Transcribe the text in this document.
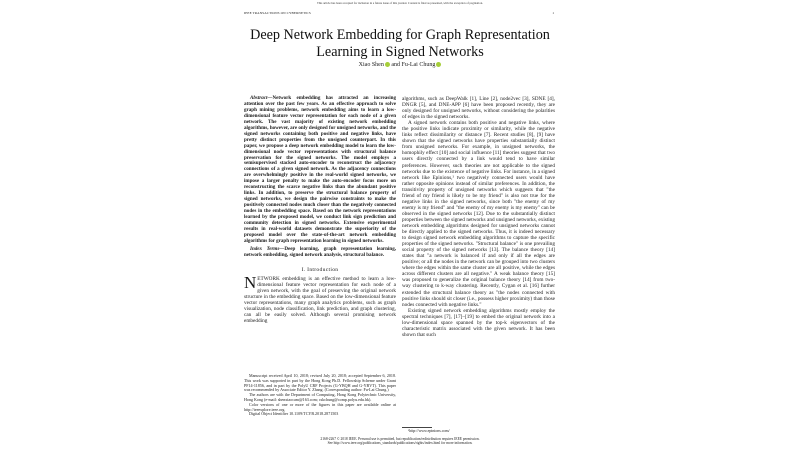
This article has been accepted for inclusion in a future issue of this journal. Content is final as presented, with the exception of pagination.
IEEE TRANSACTIONS ON CYBERNETICS	1
Deep Network Embedding for Graph Representation Learning in Signed Networks
Xiao Shen and Fu-Lai Chung

Abstract—Network embedding has attracted an increasing attention over the past few years. As an effective approach to solve graph mining problems, network embedding aims to learn a low-dimensional feature vector representation for each node of a given network. The vast majority of existing network embedding algorithms, however, are only designed for unsigned networks, and the signed networks containing both positive and negative links, have pretty distinct properties from the unsigned counterpart. In this paper, we propose a deep network embedding model to learn the low-dimensional node vector representations with structural balance preservation for the signed networks. The model employs a semisupervised stacked auto-encoder to reconstruct the adjacency connections of a given signed network. As the adjacency connections are overwhelmingly positive in the real-world signed networks, we impose a larger penalty to make the auto-encoder focus more on reconstructing the scarce negative links than the abundant positive links. In addition, to preserve the structural balance property of signed networks, we design the pairwise constraints to make the positively connected nodes much closer than the negatively connected nodes in the embedding space. Based on the network representations learned by the proposed model, we conduct link sign prediction and community detection in signed networks. Extensive experimental results in real-world datasets demonstrate the superiority of the proposed model over the state-of-the-art network embedding algorithms for graph representation learning in signed networks.

Index Terms—Deep learning, graph representation learning, network embedding, signed network analysis, structural balance.

I. Introduction

NETWORK embedding is an effective method to learn a low-dimensional feature vector representation for each node of a given network, with the goal of preserving the original network structure in the embedding space. Based on the low-dimensional feature vector representations, many graph analytics problems, such as graph visualization, node classification, link prediction, and graph clustering, can all be easily solved. Although several promising network embedding

Manuscript received April 10, 2018; revised July 20, 2018; accepted September 6, 2018. This work was supported in part by the Hong Kong Ph.D. Fellowship Scheme under Grant PF14-11856, and in part by the PolyU CRF Projects (G-YBQH and G-YBVT). This paper was recommended by Associate Editor Y. Zhang. (Corresponding author: Fu-Lai Chung.)

The authors are with the Department of Computing, Hong Kong Polytechnic University, Hong Kong (e-mail: shenxiaocam@163.com; cskchung@comp.polyu.edu.hk).

Color versions of one or more of the figures in this paper are available online at http://ieeexplore.ieee.org.

Digital Object Identifier 10.1109/TCYB.2018.2871503

algorithms, such as DeepWalk [1], Line [2], node2vec [3], SDNE [4], DNGR [5], and DNE-APP [6] have been proposed recently, they are only designed for unsigned networks, without considering the polarities of edges in the signed networks.

A signed network contains both positive and negative links, where the positive links indicate proximity or similarity, while the negative links reflect dissimilarity or distance [7]. Recent studies [8], [9] have shown that the signed networks have properties substantially distinct from unsigned networks. For example, in unsigned networks, the homophily effect [10] and social influence [11] theories suggest that two users directly connected by a link would tend to have similar preferences. However, such theories are not applicable to the signed networks due to the existence of negative links. For instance, in a signed network like Epinions,¹ two negatively connected users would have rather opposite opinions instead of similar preferences. In addition, the transitivity property of unsigned networks which suggests that "the friend of my friend is likely to be my friend" is also not true for the negative links in the signed networks, since both "the enemy of my enemy is my friend" and "the enemy of my enemy is my enemy" can be observed in the signed networks [12]. Due to the substantially distinct properties between the signed networks and unsigned networks, existing network embedding algorithms designed for unsigned networks cannot be directly applied to the signed networks. Thus, it is indeed necessary to design signed network embedding algorithms to capture the specific properties of the signed networks. "Structural balance" is one prevailing social property of the signed networks [13]. The balance theory [14] states that "a network is balanced if and only if all the edges are positive; or all the nodes in the network can be grouped into two clusters where the edges within the same cluster are all positive, while the edges across different clusters are all negative." A weak balance theory [15] was proposed to generalize the original balance theory [14] from two-way clustering to k-way clustering. Recently, Cygan et al. [16] further extended the structural balance theory as "the nodes connected with positive links should sit closer (i.e., possess higher proximity) than those nodes connected with negative links."

Existing signed network embedding algorithms mostly employ the spectral techniques [7], [17]–[19] to embed the original network into a low-dimensional space spanned by the top-k eigenvectors of the characteristic matrix associated with the given network. It has been shown that such

¹http://www.epinions.com/
2168-2267 © 2018 IEEE. Personal use is permitted, but republication/redistribution requires IEEE permission.
See http://www.ieee.org/publications_standards/publications/rights/index.html for more information.
